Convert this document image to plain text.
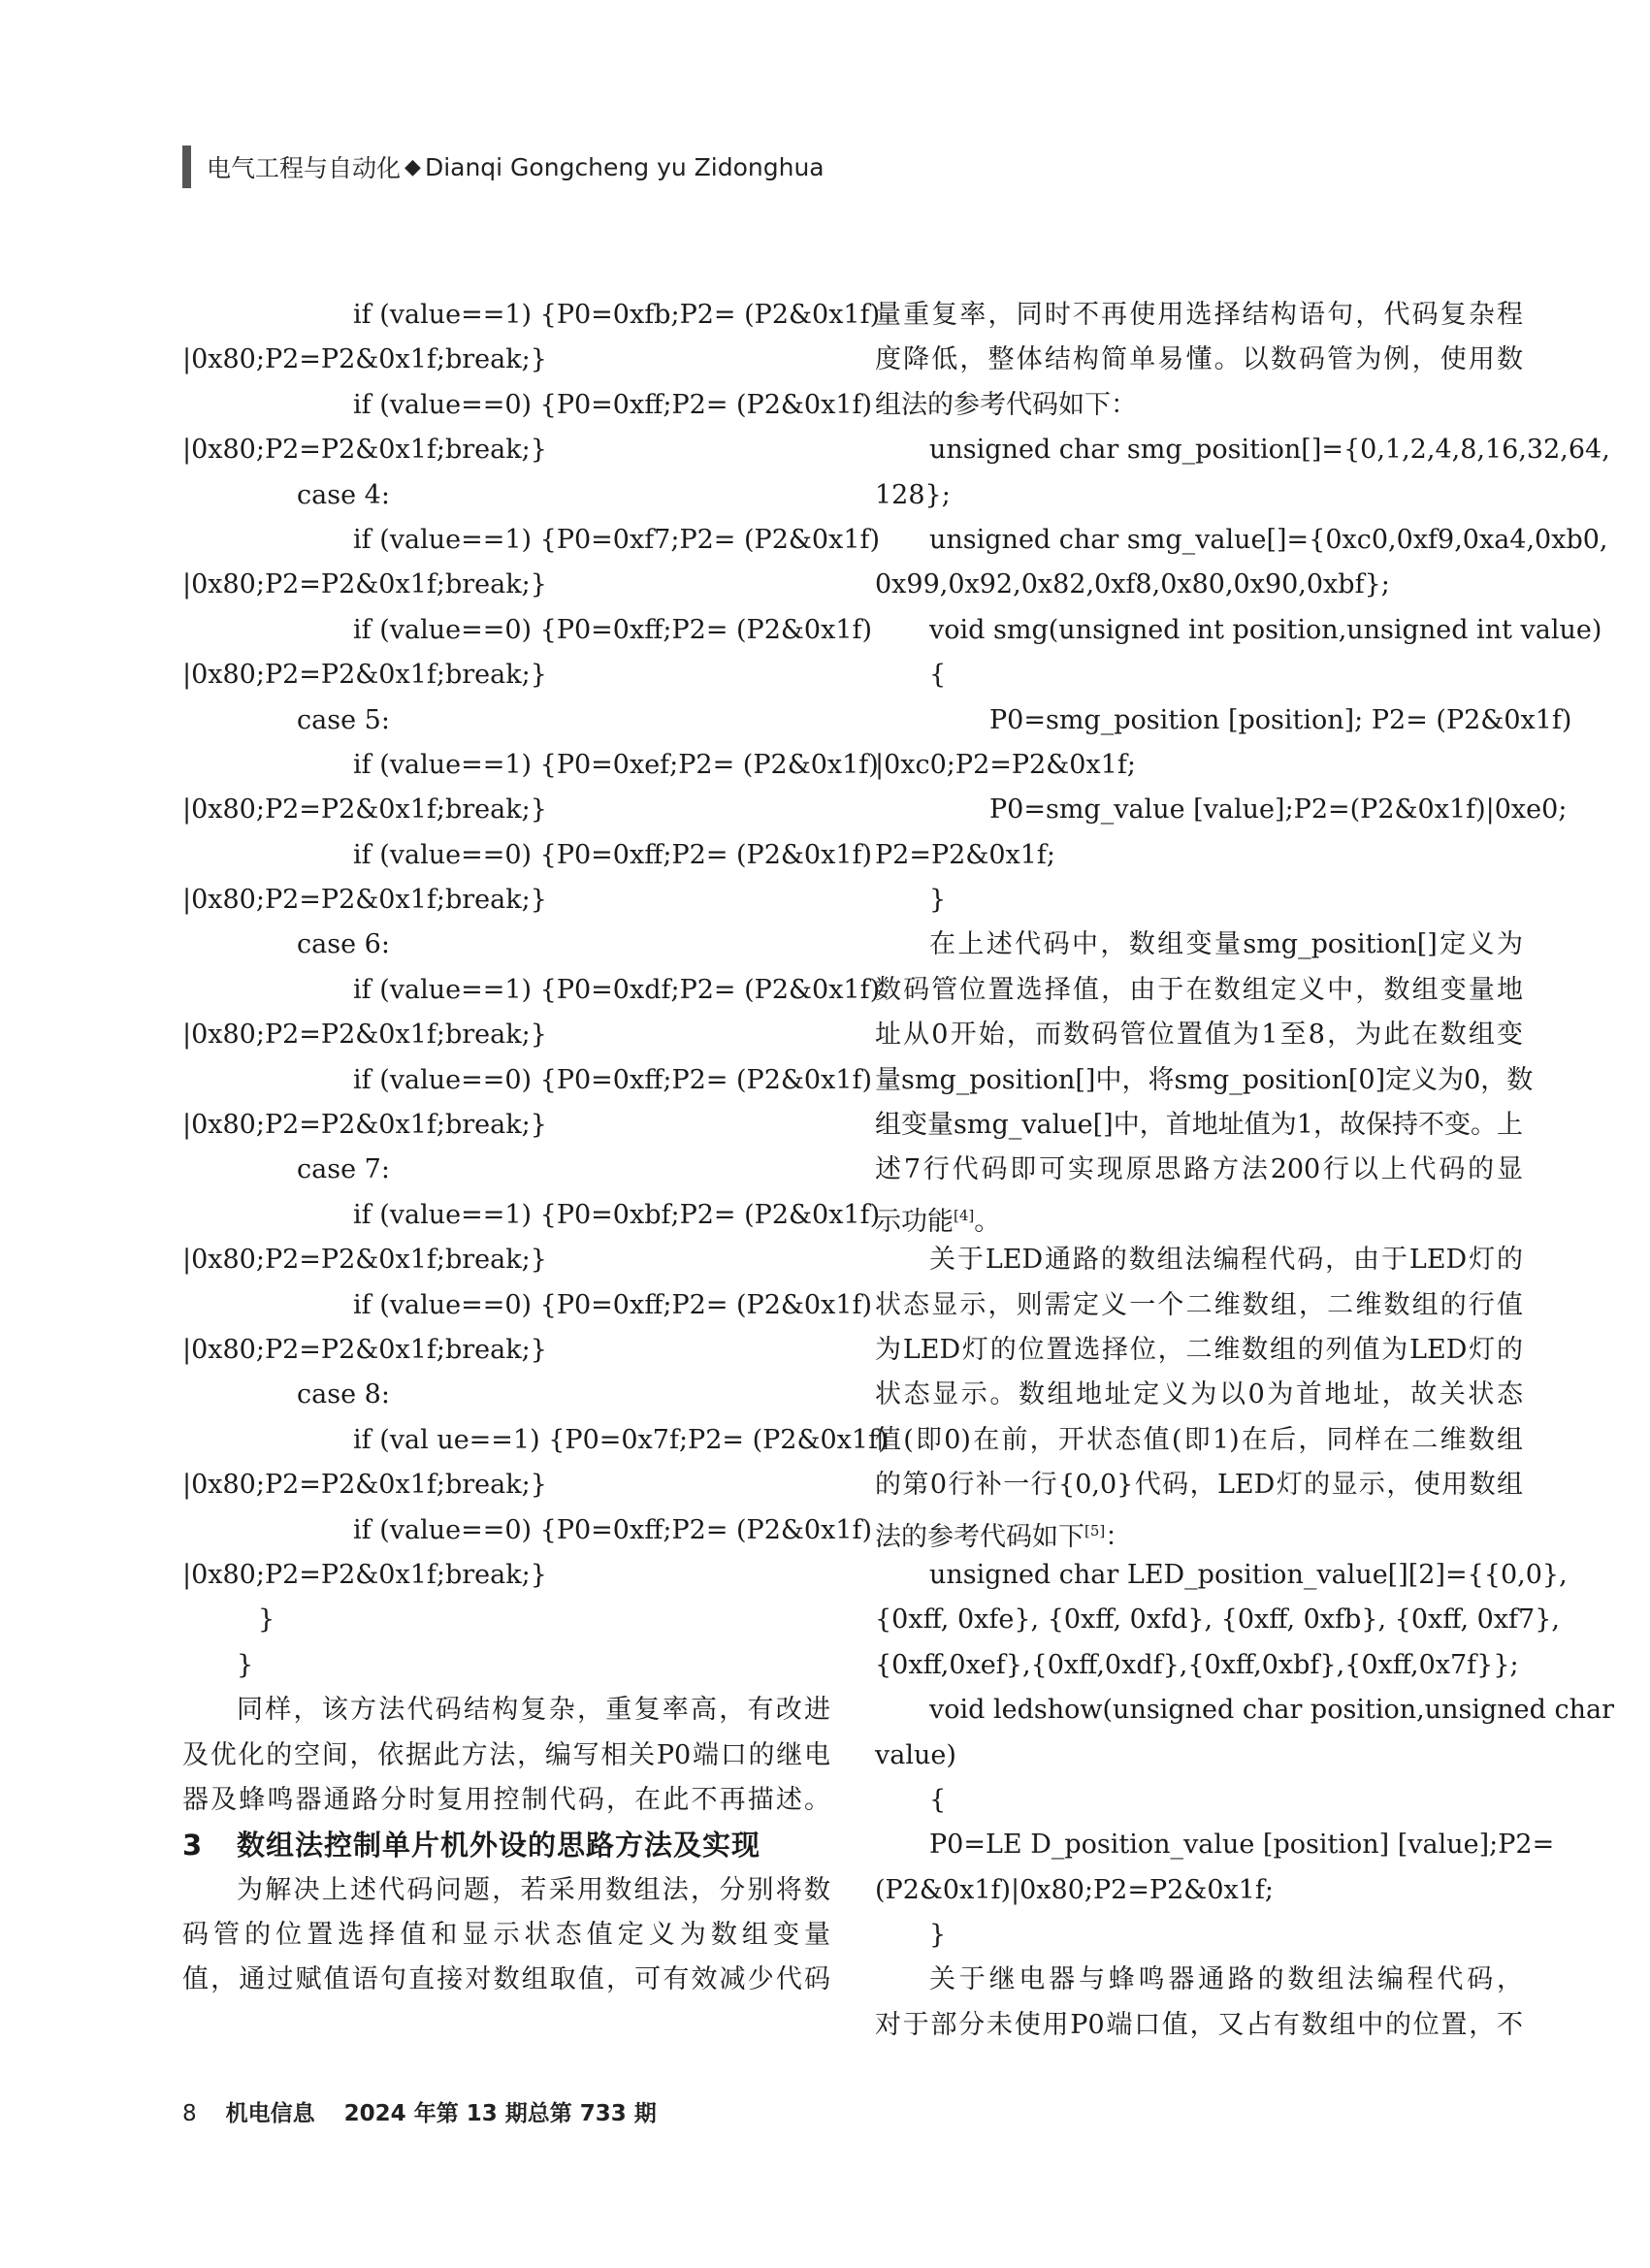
电气工程与自动化 ◆ Dianqi Gongcheng yu Zidonghua
if (value==1) {P0=0xfb;P2= (P2&0x1f)
|0x80;P2=P2&0x1f;break;}
if (value==0) {P0=0xff;P2= (P2&0x1f)
|0x80;P2=P2&0x1f;break;}
case 4:
if (value==1) {P0=0xf7;P2= (P2&0x1f)
|0x80;P2=P2&0x1f;break;}
if (value==0) {P0=0xff;P2= (P2&0x1f)
|0x80;P2=P2&0x1f;break;}
case 5:
if (value==1) {P0=0xef;P2= (P2&0x1f)
|0x80;P2=P2&0x1f;break;}
if (value==0) {P0=0xff;P2= (P2&0x1f)
|0x80;P2=P2&0x1f;break;}
case 6:
if (value==1) {P0=0xdf;P2= (P2&0x1f)
|0x80;P2=P2&0x1f;break;}
if (value==0) {P0=0xff;P2= (P2&0x1f)
|0x80;P2=P2&0x1f;break;}
case 7:
if (value==1) {P0=0xbf;P2= (P2&0x1f)
|0x80;P2=P2&0x1f;break;}
if (value==0) {P0=0xff;P2= (P2&0x1f)
|0x80;P2=P2&0x1f;break;}
case 8:
if (val ue==1) {P0=0x7f;P2= (P2&0x1f)
|0x80;P2=P2&0x1f;break;}
if (value==0) {P0=0xff;P2= (P2&0x1f)
|0x80;P2=P2&0x1f;break;}
}
}
同样，该方法代码结构复杂，重复率高，有改进
及优化的空间，依据此方法，编写相关P0端口的继电
器及蜂鸣器通路分时复用控制代码，在此不再描述。
3 数组法控制单片机外设的思路方法及实现
为解决上述代码问题，若采用数组法，分别将数
码管的位置选择值和显示状态值定义为数组变量
值，通过赋值语句直接对数组取值，可有效减少代码
量重复率，同时不再使用选择结构语句，代码复杂程
度降低，整体结构简单易懂。以数码管为例，使用数
组法的参考代码如下：
unsigned char smg_position[]={0,1,2,4,8,16,32,64,
128};
unsigned char smg_value[]={0xc0,0xf9,0xa4,0xb0,
0x99,0x92,0x82,0xf8,0x80,0x90,0xbf};
void smg(unsigned int position,unsigned int value)
{
P0=smg_position [position]; P2= (P2&0x1f)
|0xc0;P2=P2&0x1f;
P0=smg_value [value];P2=(P2&0x1f)|0xe0;
P2=P2&0x1f;
}
在上述代码中，数组变量smg_position[]定义为
数码管位置选择值，由于在数组定义中，数组变量地
址从0开始，而数码管位置值为1至8，为此在数组变
量smg_position[]中，将smg_position[0]定义为0，数
组变量smg_value[]中，首地址值为1，故保持不变。上
述7行代码即可实现原思路方法200行以上代码的显
示功能[4]。
关于LED通路的数组法编程代码，由于LED灯的
状态显示，则需定义一个二维数组，二维数组的行值
为LED灯的位置选择位，二维数组的列值为LED灯的
状态显示。数组地址定义为以0为首地址，故关状态
值(即0)在前，开状态值(即1)在后，同样在二维数组
的第0行补一行{0,0}代码，LED灯的显示，使用数组
法的参考代码如下[5]：
unsigned char LED_position_value[][2]={{0,0},
{0xff, 0xfe}, {0xff, 0xfd}, {0xff, 0xfb}, {0xff, 0xf7},
{0xff,0xef},{0xff,0xdf},{0xff,0xbf},{0xff,0x7f}};
void ledshow(unsigned char position,unsigned char
value)
{
P0=LE D_position_value [position] [value];P2=
(P2&0x1f)|0x80;P2=P2&0x1f;
}
关于继电器与蜂鸣器通路的数组法编程代码，
对于部分未使用P0端口值，又占有数组中的位置，不
8 机电信息 2024 年第 13 期总第 733 期
